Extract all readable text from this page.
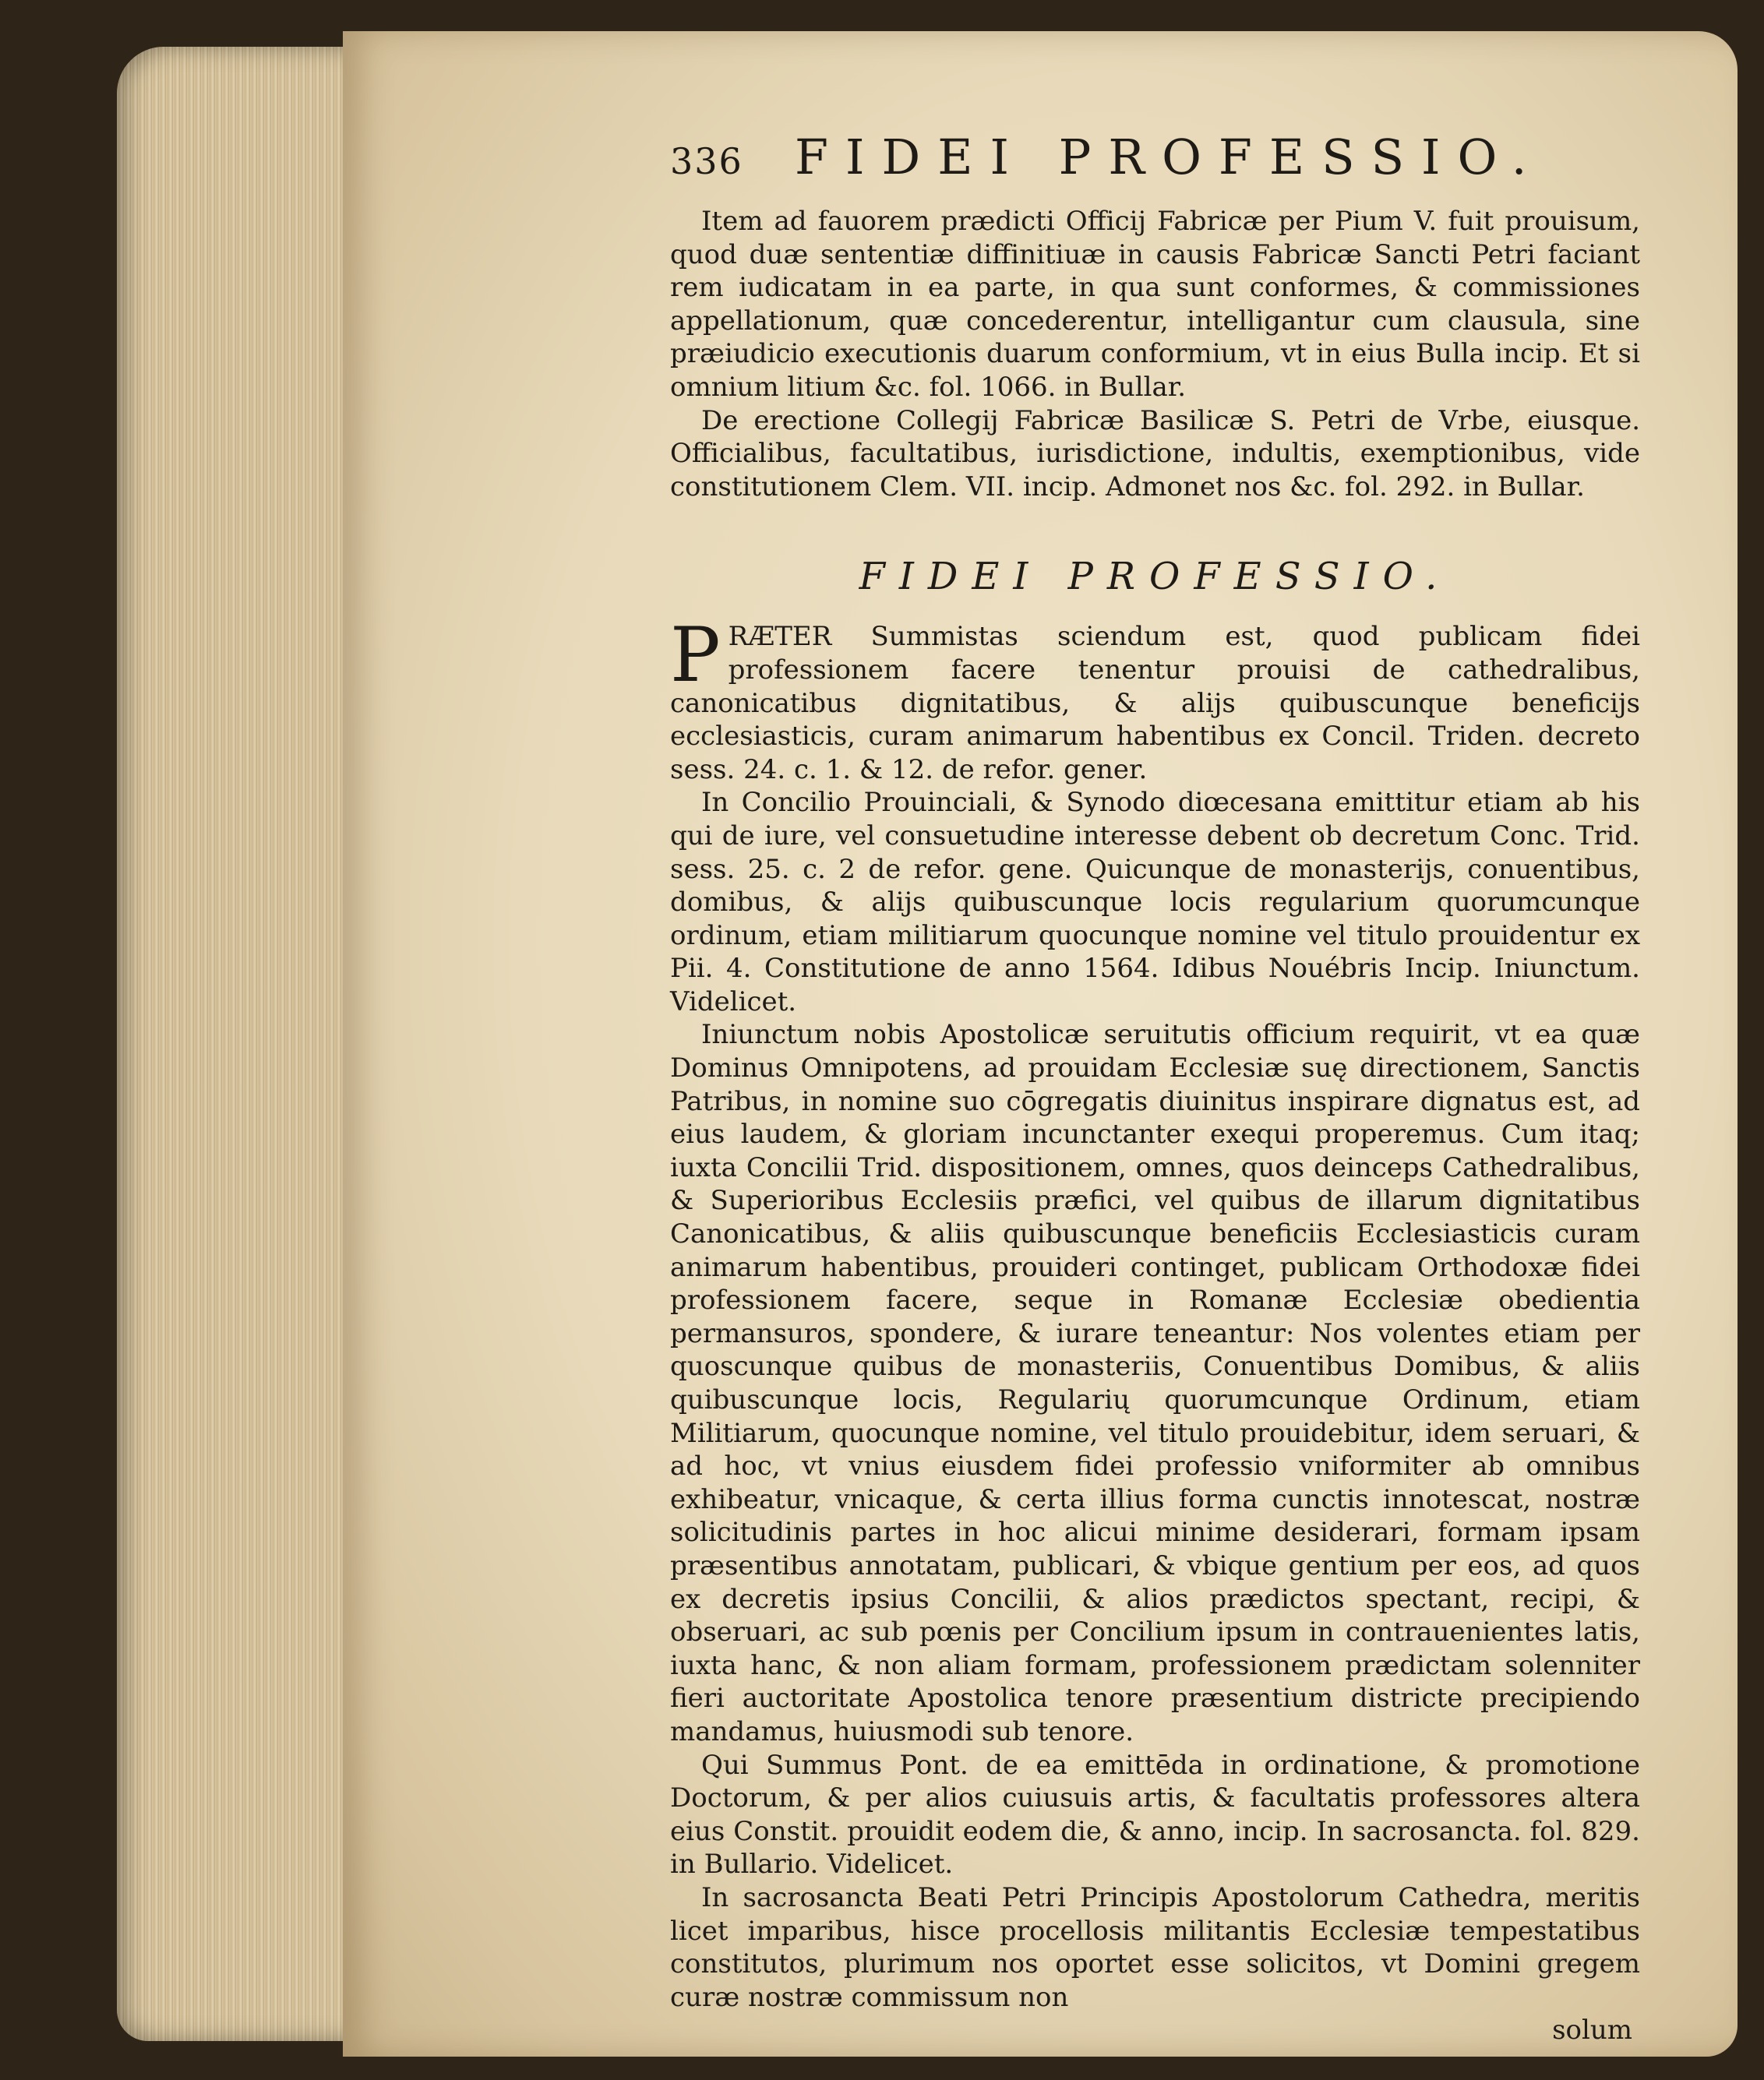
336	FIDEI PROFESSIO.

Item ad fauorem prædicti Officij Fabricæ per Pium V. fuit prouisum, quod duæ sententiæ diffinitiuæ in causis Fabricæ Sancti Petri faciant rem iudicatam in ea parte, in qua sunt conformes, & commissiones appellationum, quæ concederentur, intelligantur cum clausula, sine præiudicio executionis duarum conformium, vt in eius Bulla incip. Et si omnium litium &c. fol. 1066. in Bullar.

De erectione Collegij Fabricæ Basilicæ S. Petri de Vrbe, eiusque. Officialibus, facultatibus, iurisdictione, indultis, exemptionibus, vide constitutionem Clem. VII. incip. Admonet nos &c. fol. 292. in Bullar.

FIDEI PROFESSIO.

PRÆTER Summistas sciendum est, quod publicam fidei professionem facere tenentur prouisi de cathedralibus, canonicatibus dignitatibus, & alijs quibuscunque beneficijs ecclesiasticis, curam animarum habentibus ex Concil. Triden. decreto sess. 24. c. 1. & 12. de refor. gener.

In Concilio Prouinciali, & Synodo diœcesana emittitur etiam ab his qui de iure, vel consuetudine interesse debent ob decretum Conc. Trid. sess. 25. c. 2 de refor. gene. Quicunque de monasterijs, conuentibus, domibus, & alijs quibuscunque locis regularium quorumcunque ordinum, etiam militiarum quocunque nomine vel titulo prouidentur ex Pii. 4. Constitutione de anno 1564. Idibus Nouébris Incip. Iniunctum. Videlicet.

Iniunctum nobis Apostolicæ seruitutis officium requirit, vt ea quæ Dominus Omnipotens, ad prouidam Ecclesiæ suę directionem, Sanctis Patribus, in nomine suo cōgregatis diuinitus inspirare dignatus est, ad eius laudem, & gloriam incunctanter exequi properemus. Cum itaq; iuxta Concilii Trid. dispositionem, omnes, quos deinceps Cathedralibus, & Superioribus Ecclesiis præfici, vel quibus de illarum dignitatibus Canonicatibus, & aliis quibuscunque beneficiis Ecclesiasticis curam animarum habentibus, prouideri continget, publicam Orthodoxæ fidei professionem facere, seque in Romanæ Ecclesiæ obedientia permansuros, spondere, & iurare teneantur: Nos volentes etiam per quoscunque quibus de monasteriis, Conuentibus Domibus, & aliis quibuscunque locis, Regularių quorumcunque Ordinum, etiam Militiarum, quocunque nomine, vel titulo prouidebitur, idem seruari, & ad hoc, vt vnius eiusdem fidei professio vniformiter ab omnibus exhibeatur, vnicaque, & certa illius forma cunctis innotescat, nostræ solicitudinis partes in hoc alicui minime desiderari, formam ipsam præsentibus annotatam, publicari, & vbique gentium per eos, ad quos ex decretis ipsius Concilii, & alios prædictos spectant, recipi, & obseruari, ac sub pœnis per Concilium ipsum in contrauenientes latis, iuxta hanc, & non aliam formam, professionem prædictam solenniter fieri auctoritate Apostolica tenore præsentium districte precipiendo mandamus, huiusmodi sub tenore.

Qui Summus Pont. de ea emittēda in ordinatione, & promotione Doctorum, & per alios cuiusuis artis, & facultatis professores altera eius Constit. prouidit eodem die, & anno, incip. In sacrosancta. fol. 829. in Bullario. Videlicet.

In sacrosancta Beati Petri Principis Apostolorum Cathedra, meritis licet imparibus, hisce procellosis militantis Ecclesiæ tempestatibus constitutos, plurimum nos oportet esse solicitos, vt Domini gregem curæ nostræ commissum non

solum
